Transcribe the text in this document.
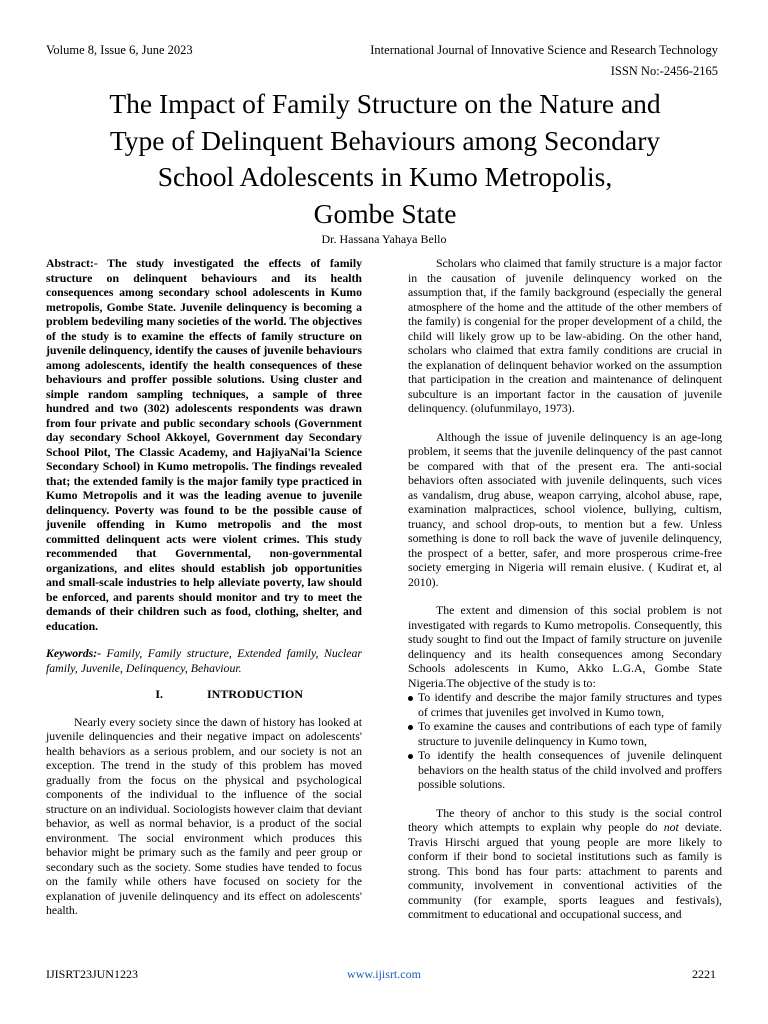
Volume 8, Issue 6, June 2023	International Journal of Innovative Science and Research Technology
ISSN No:-2456-2165
The Impact of Family Structure on the Nature and
Type of Delinquent Behaviours among Secondary
School Adolescents in Kumo Metropolis,
Gombe State
Dr. Hassana Yahaya Bello

Abstract:- The study investigated the effects of family structure on delinquent behaviours and its health consequences among secondary school adolescents in Kumo metropolis, Gombe State. Juvenile delinquency is becoming a problem bedeviling many societies of the world. The objectives of the study is to examine the effects of family structure on juvenile delinquency, identify the causes of juvenile behaviours among adolescents, identify the health consequences of these behaviours and proffer possible solutions. Using cluster and simple random sampling techniques, a sample of three hundred and two (302) adolescents respondents was drawn from four private and public secondary schools (Government day secondary School Akkoyel, Government day Secondary School Pilot, The Classic Academy, and HajiyaNai'la Science Secondary School) in Kumo metropolis. The findings revealed that; the extended family is the major family type practiced in Kumo Metropolis and it was the leading avenue to juvenile delinquency. Poverty was found to be the possible cause of juvenile offending in Kumo metropolis and the most committed delinquent acts were violent crimes. This study recommended that Governmental, non-governmental organizations, and elites should establish job opportunities and small-scale industries to help alleviate poverty, law should be enforced, and parents should monitor and try to meet the demands of their children such as food, clothing, shelter, and education.

Keywords:- Family, Family structure, Extended family, Nuclear family, Juvenile, Delinquency, Behaviour.

I.	INTRODUCTION

Nearly every society since the dawn of history has looked at juvenile delinquencies and their negative impact on adolescents' health behaviors as a serious problem, and our society is not an exception. The trend in the study of this problem has moved gradually from the focus on the physical and psychological components of the individual to the influence of the social structure on an individual. Sociologists however claim that deviant behavior, as well as normal behavior, is a product of the social environment. The social environment which produces this behavior might be primary such as the family and peer group or secondary such as the society. Some studies have tended to focus on the family while others have focused on society for the explanation of juvenile delinquency and its effect on adolescents' health.

Scholars who claimed that family structure is a major factor in the causation of juvenile delinquency worked on the assumption that, if the family background (especially the general atmosphere of the home and the attitude of the other members of the family) is congenial for the proper development of a child, the child will likely grow up to be law-abiding. On the other hand, scholars who claimed that extra family conditions are crucial in the explanation of delinquent behavior worked on the assumption that participation in the creation and maintenance of delinquent subculture is an important factor in the causation of juvenile delinquency. (olufunmilayo, 1973).

Although the issue of juvenile delinquency is an age-long problem, it seems that the juvenile delinquency of the past cannot be compared with that of the present era. The anti-social behaviors often associated with juvenile delinquents, such vices as vandalism, drug abuse, weapon carrying, alcohol abuse, rape, examination malpractices, school violence, bullying, cultism, truancy, and school drop-outs, to mention but a few. Unless something is done to roll back the wave of juvenile delinquency, the prospect of a better, safer, and more prosperous crime-free society emerging in Nigeria will remain elusive. ( Kudirat et, al 2010).

The extent and dimension of this social problem is not investigated with regards to Kumo metropolis. Consequently, this study sought to find out the Impact of family structure on juvenile delinquency and its health consequences among Secondary Schools adolescents in Kumo, Akko L.G.A, Gombe State Nigeria.The objective of the study is to:

To identify and describe the major family structures and types of crimes that juveniles get involved in Kumo town,
To examine the causes and contributions of each type of family structure to juvenile delinquency in Kumo town,
To identify the health consequences of juvenile delinquent behaviors on the health status of the child involved and proffers possible solutions.

The theory of anchor to this study is the social control theory which attempts to explain why people do not deviate. Travis Hirschi argued that young people are more likely to conform if their bond to societal institutions such as family is strong. This bond has four parts: attachment to parents and community, involvement in conventional activities of the community (for example, sports leagues and festivals), commitment to educational and occupational success, and

IJISRT23JUN1223	www.ijisrt.com	2221
